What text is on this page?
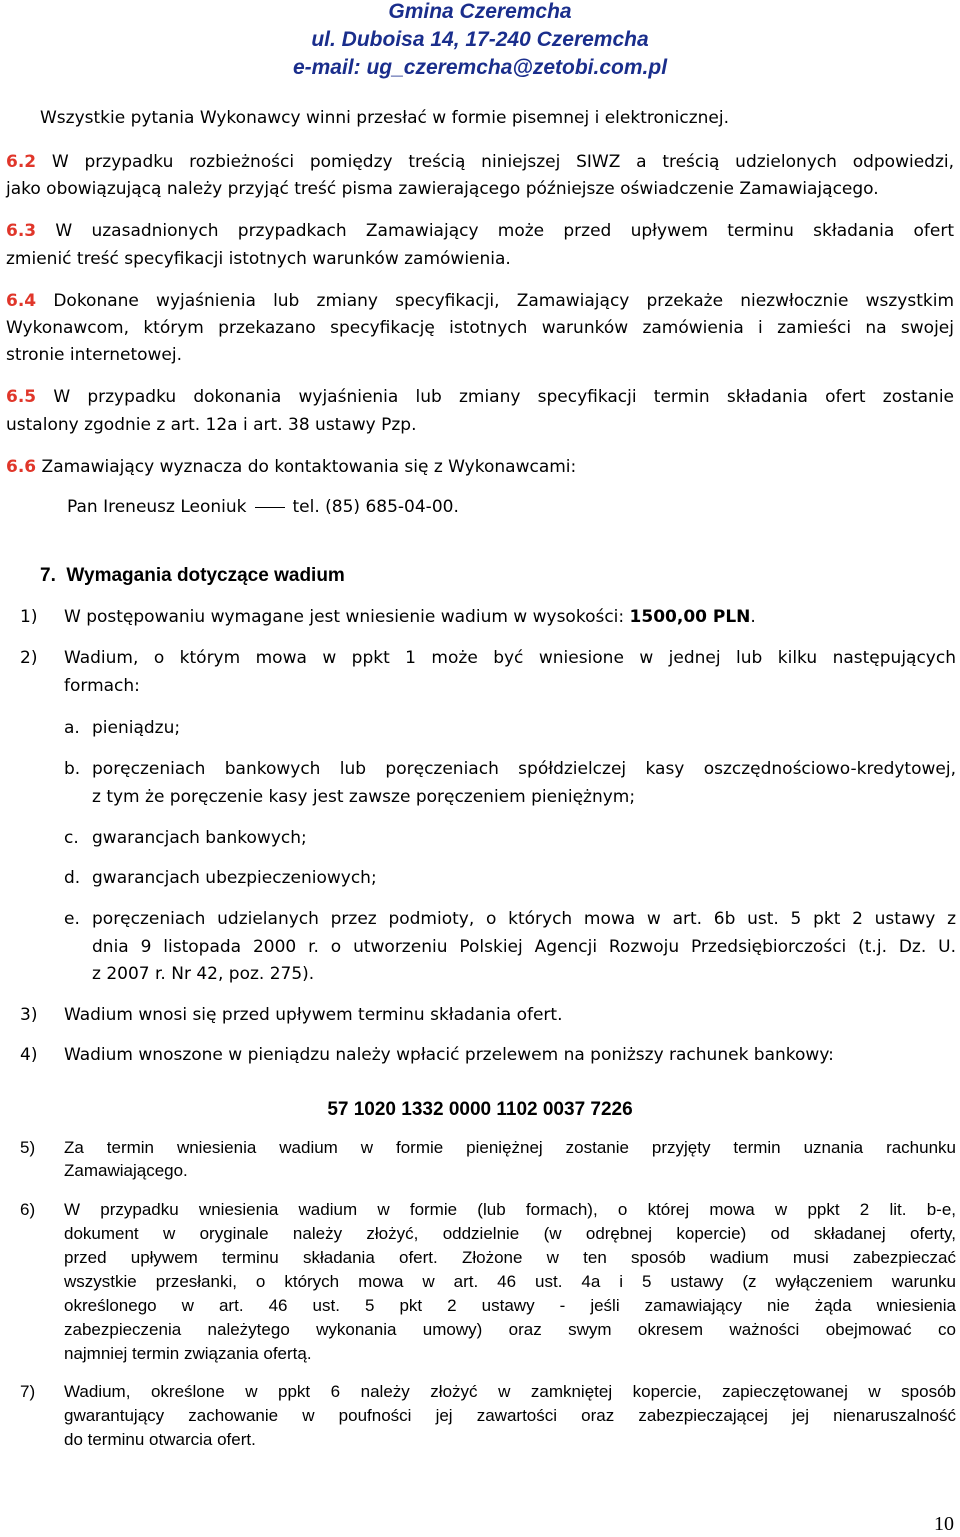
Gmina Czeremcha
ul. Duboisa 14, 17-240 Czeremcha
e-mail: ug_czeremcha@zetobi.com.pl
Wszystkie pytania Wykonawcy winni przesłać w formie pisemnej i elektronicznej.
6.2 W przypadku rozbieżności pomiędzy treścią niniejszej SIWZ a treścią udzielonych odpowiedzi,
jako obowiązującą należy przyjąć treść pisma zawierającego późniejsze oświadczenie Zamawiającego.
6.3 W uzasadnionych przypadkach Zamawiający może przed upływem terminu składania ofert
zmienić treść specyfikacji istotnych warunków zamówienia.
6.4 Dokonane wyjaśnienia lub zmiany specyfikacji, Zamawiający przekaże niezwłocznie wszystkim
Wykonawcom, którym przekazano specyfikację istotnych warunków zamówienia i zamieści na swojej
stronie internetowej.
6.5 W przypadku dokonania wyjaśnienia lub zmiany specyfikacji termin składania ofert zostanie
ustalony zgodnie z art. 12a i art. 38 ustawy Pzp.
6.6 Zamawiający wyznacza do kontaktowania się z Wykonawcami:
Pan Ireneusz Leoniuk	tel. (85) 685-04-00.
7. Wymagania dotyczące wadium
1) W postępowaniu wymagane jest wniesienie wadium w wysokości: 1500,00 PLN.
2) Wadium, o którym mowa w ppkt 1 może być wniesione w jednej lub kilku następujących
formach:
a. pieniądzu;
b. poręczeniach bankowych lub poręczeniach spółdzielczej kasy oszczędnościowo-kredytowej,
z tym że poręczenie kasy jest zawsze poręczeniem pieniężnym;
c. gwarancjach bankowych;
d. gwarancjach ubezpieczeniowych;
e. poręczeniach udzielanych przez podmioty, o których mowa w art. 6b ust. 5 pkt 2 ustawy z
dnia 9 listopada 2000 r. o utworzeniu Polskiej Agencji Rozwoju Przedsiębiorczości (t.j. Dz. U.
z 2007 r. Nr 42, poz. 275).
3) Wadium wnosi się przed upływem terminu składania ofert.
4) Wadium wnoszone w pieniądzu należy wpłacić przelewem na poniższy rachunek bankowy:
57 1020 1332 0000 1102 0037 7226
5) Za termin wniesienia wadium w formie pieniężnej zostanie przyjęty termin uznania rachunku
Zamawiającego.
6) W przypadku wniesienia wadium w formie (lub formach), o której mowa w ppkt 2 lit. b-e,
dokument w oryginale należy złożyć, oddzielnie (w odrębnej kopercie) od składanej oferty,
przed upływem terminu składania ofert. Złożone w ten sposób wadium musi zabezpieczać
wszystkie przesłanki, o których mowa w art. 46 ust. 4a i 5 ustawy (z wyłączeniem warunku
określonego w art. 46 ust. 5 pkt 2 ustawy - jeśli zamawiający nie żąda wniesienia
zabezpieczenia należytego wykonania umowy) oraz swym okresem ważności obejmować co
najmniej termin związania ofertą.
7) Wadium, określone w ppkt 6 należy złożyć w zamkniętej kopercie, zapieczętowanej w sposób
gwarantujący zachowanie w poufności jej zawartości oraz zabezpieczającej jej nienaruszalność
do terminu otwarcia ofert.
10
